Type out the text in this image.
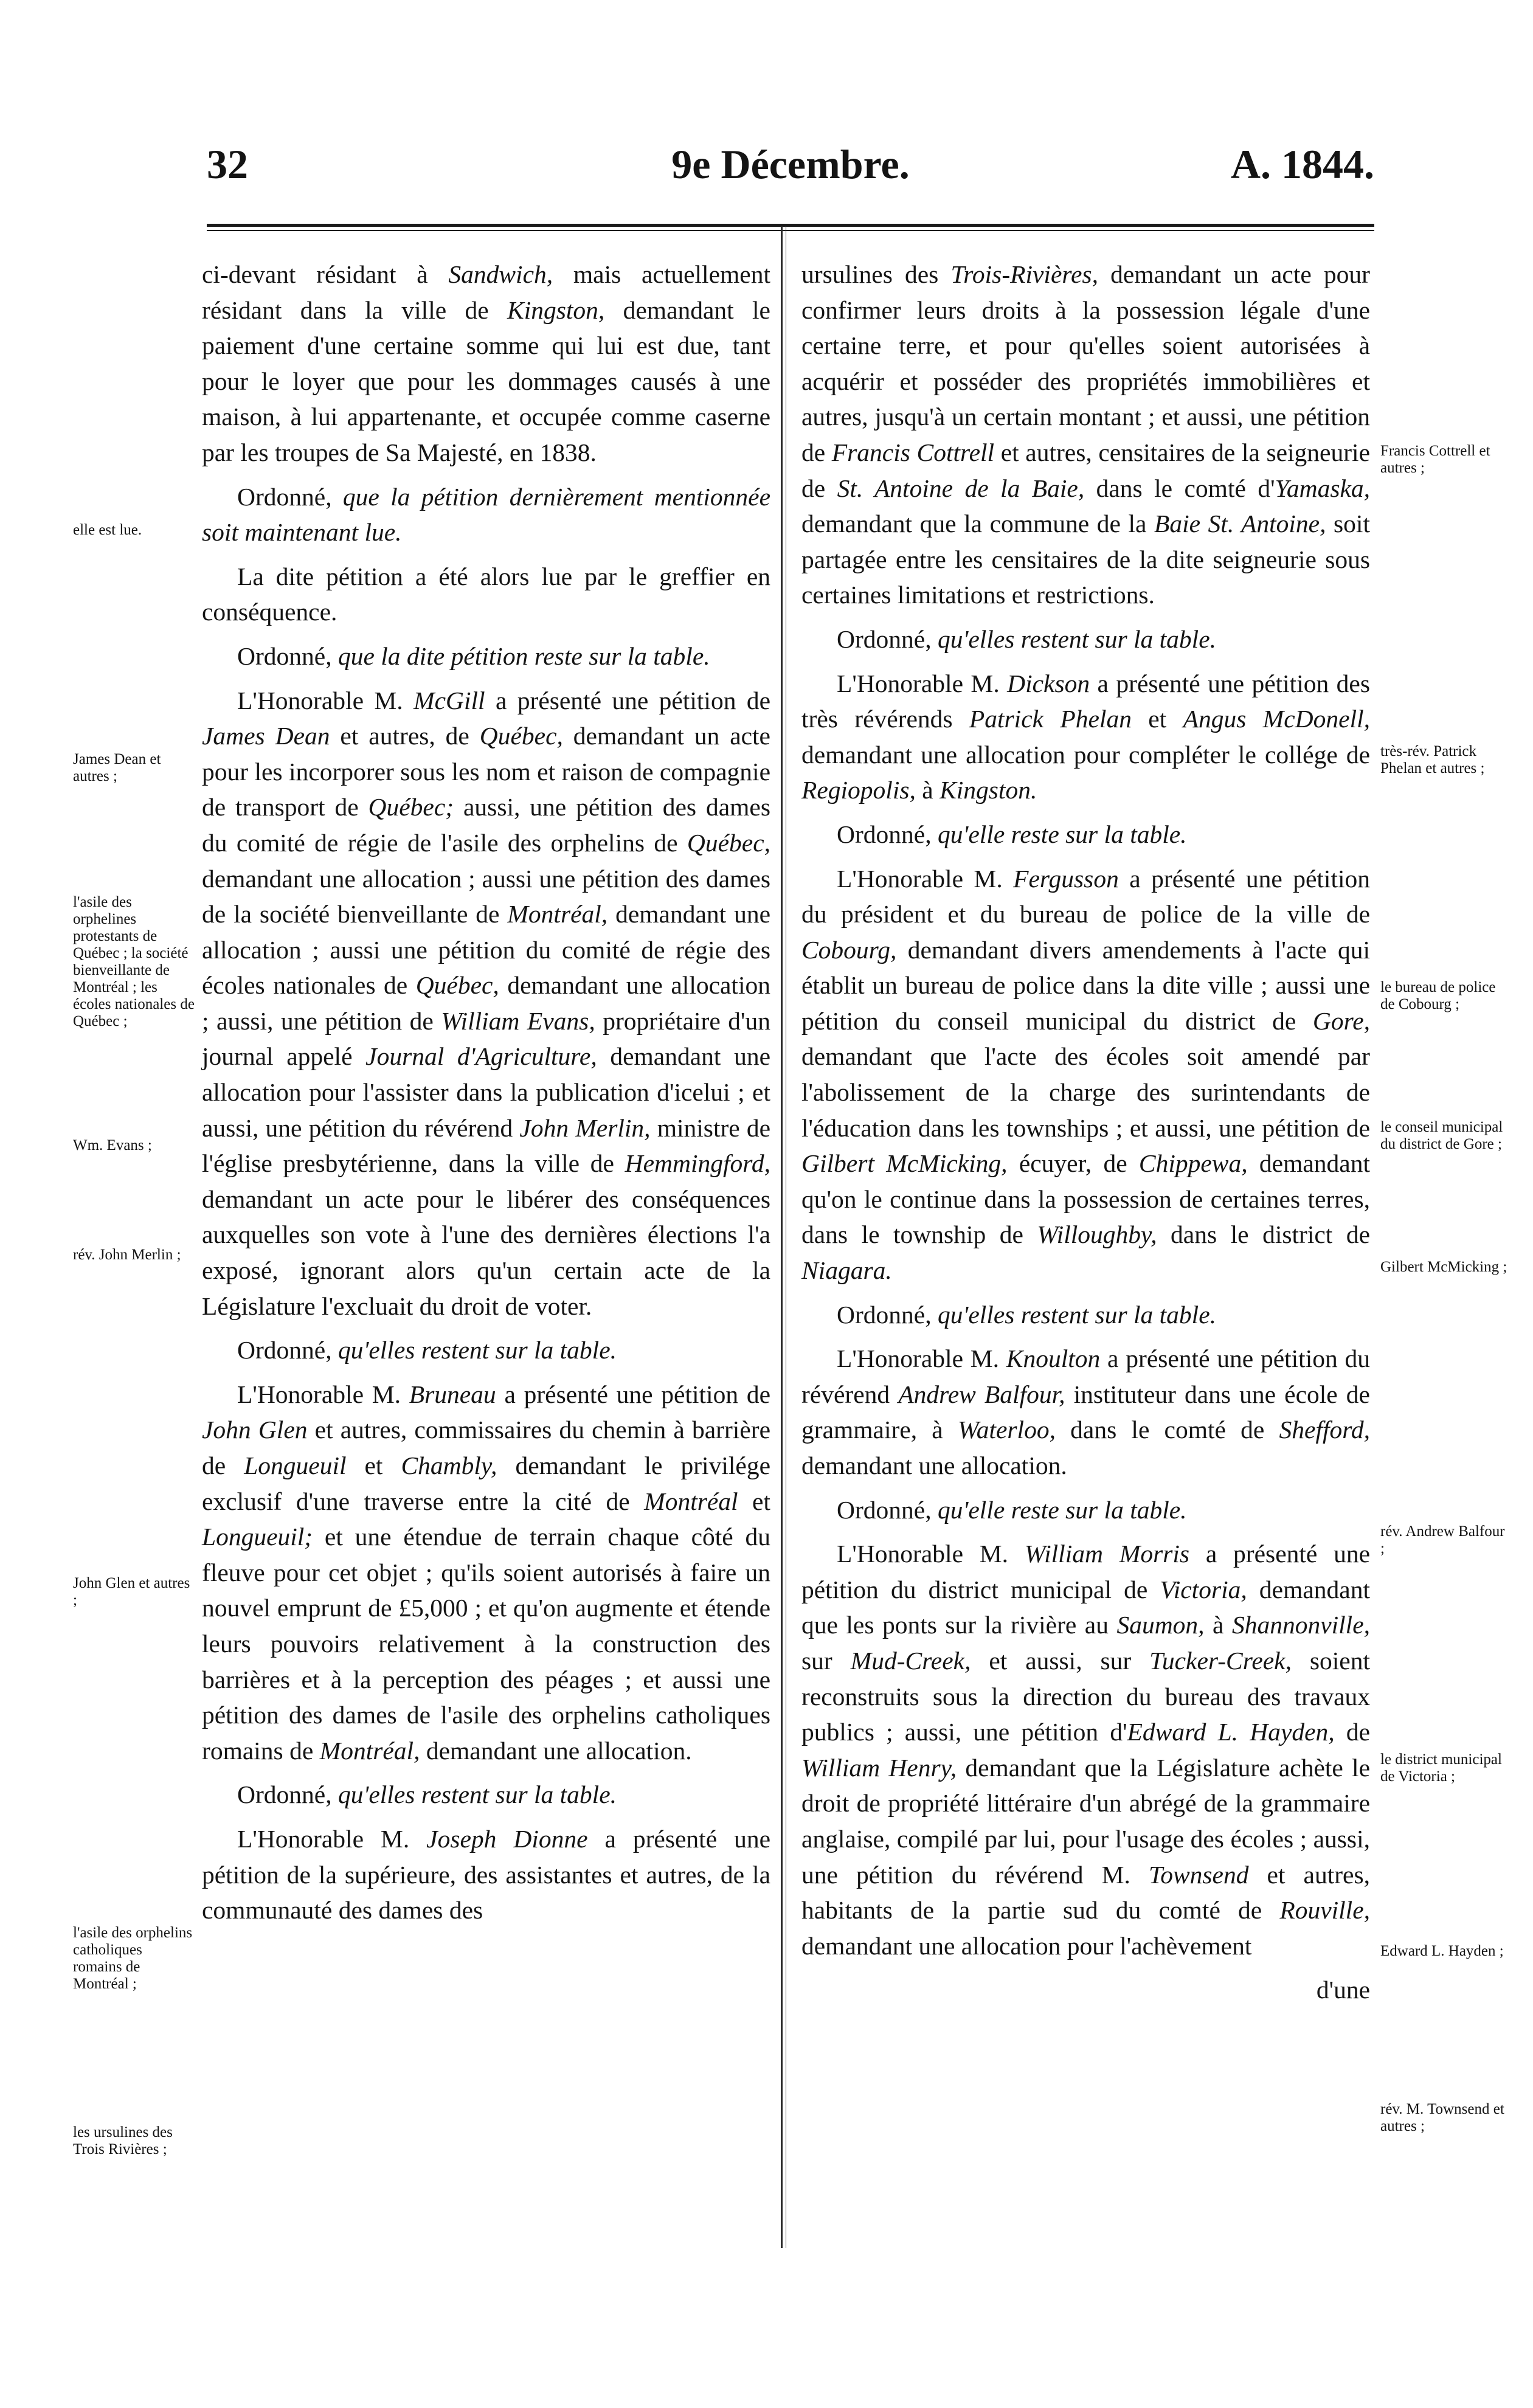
32	9e Décembre.	A. 1844.
elle est lue.
James Dean et autres ;
l'asile des orphelines protestants de Québec ; la société bienveillante de Montréal ; les écoles nationales de Québec ;
Wm. Evans ;
rév. John Merlin ;
John Glen et autres ;
l'asile des orphelins catholiques romains de Montréal ;
les ursulines des Trois Rivières ;
Francis Cottrell et autres ;
très-rév. Patrick Phelan et autres ;
le bureau de police de Cobourg ;
le conseil municipal du district de Gore ;
Gilbert McMicking ;
rév. Andrew Balfour ;
le district municipal de Victoria ;
Edward L. Hayden ;
rév. M. Townsend et autres ;

ci-devant résidant à Sandwich, mais actuellement résidant dans la ville de Kingston, demandant le paiement d'une certaine somme qui lui est due, tant pour le loyer que pour les dommages causés à une maison, à lui appartenante, et occupée comme caserne par les troupes de Sa Majesté, en 1838.

Ordonné, que la pétition dernièrement mentionnée soit maintenant lue.

La dite pétition a été alors lue par le greffier en conséquence.

Ordonné, que la dite pétition reste sur la table.

L'Honorable M. McGill a présenté une pétition de James Dean et autres, de Québec, demandant un acte pour les incorporer sous les nom et raison de compagnie de transport de Québec; aussi, une pétition des dames du comité de régie de l'asile des orphelins de Québec, demandant une allocation ; aussi une pétition des dames de la société bienveillante de Montréal, demandant une allocation ; aussi une pétition du comité de régie des écoles nationales de Québec, demandant une allocation ; aussi, une pétition de William Evans, propriétaire d'un journal appelé Journal d'Agriculture, demandant une allocation pour l'assister dans la publication d'icelui ; et aussi, une pétition du révérend John Merlin, ministre de l'église presbytérienne, dans la ville de Hemmingford, demandant un acte pour le libérer des conséquences auxquelles son vote à l'une des dernières élections l'a exposé, ignorant alors qu'un certain acte de la Législature l'excluait du droit de voter.

Ordonné, qu'elles restent sur la table.

L'Honorable M. Bruneau a présenté une pétition de John Glen et autres, commissaires du chemin à barrière de Longueuil et Chambly, demandant le privilége exclusif d'une traverse entre la cité de Montréal et Longueuil; et une étendue de terrain chaque côté du fleuve pour cet objet ; qu'ils soient autorisés à faire un nouvel emprunt de £5,000 ; et qu'on augmente et étende leurs pouvoirs relativement à la construction des barrières et à la perception des péages ; et aussi une pétition des dames de l'asile des orphelins catholiques romains de Montréal, demandant une allocation.

Ordonné, qu'elles restent sur la table.

L'Honorable M. Joseph Dionne a présenté une pétition de la supérieure, des assistantes et autres, de la communauté des dames des

ursulines des Trois-Rivières, demandant un acte pour confirmer leurs droits à la possession légale d'une certaine terre, et pour qu'elles soient autorisées à acquérir et posséder des propriétés immobilières et autres, jusqu'à un certain montant ; et aussi, une pétition de Francis Cottrell et autres, censitaires de la seigneurie de St. Antoine de la Baie, dans le comté d'Yamaska, demandant que la commune de la Baie St. Antoine, soit partagée entre les censitaires de la dite seigneurie sous certaines limitations et restrictions.

Ordonné, qu'elles restent sur la table.

L'Honorable M. Dickson a présenté une pétition des très révérends Patrick Phelan et Angus McDonell, demandant une allocation pour compléter le collége de Regiopolis, à Kingston.

Ordonné, qu'elle reste sur la table.

L'Honorable M. Fergusson a présenté une pétition du président et du bureau de police de la ville de Cobourg, demandant divers amendements à l'acte qui établit un bureau de police dans la dite ville ; aussi une pétition du conseil municipal du district de Gore, demandant que l'acte des écoles soit amendé par l'abolissement de la charge des surintendants de l'éducation dans les townships ; et aussi, une pétition de Gilbert McMicking, écuyer, de Chippewa, demandant qu'on le continue dans la possession de certaines terres, dans le township de Willoughby, dans le district de Niagara.

Ordonné, qu'elles restent sur la table.

L'Honorable M. Knoulton a présenté une pétition du révérend Andrew Balfour, instituteur dans une école de grammaire, à Waterloo, dans le comté de Shefford, demandant une allocation.

Ordonné, qu'elle reste sur la table.

L'Honorable M. William Morris a présenté une pétition du district municipal de Victoria, demandant que les ponts sur la rivière au Saumon, à Shannonville, sur Mud-Creek, et aussi, sur Tucker-Creek, soient reconstruits sous la direction du bureau des travaux publics ; aussi, une pétition d'Edward L. Hayden, de William Henry, demandant que la Législature achète le droit de propriété littéraire d'un abrégé de la grammaire anglaise, compilé par lui, pour l'usage des écoles ; aussi, une pétition du révérend M. Townsend et autres, habitants de la partie sud du comté de Rouville, demandant une allocation pour l'achèvement

d'une
